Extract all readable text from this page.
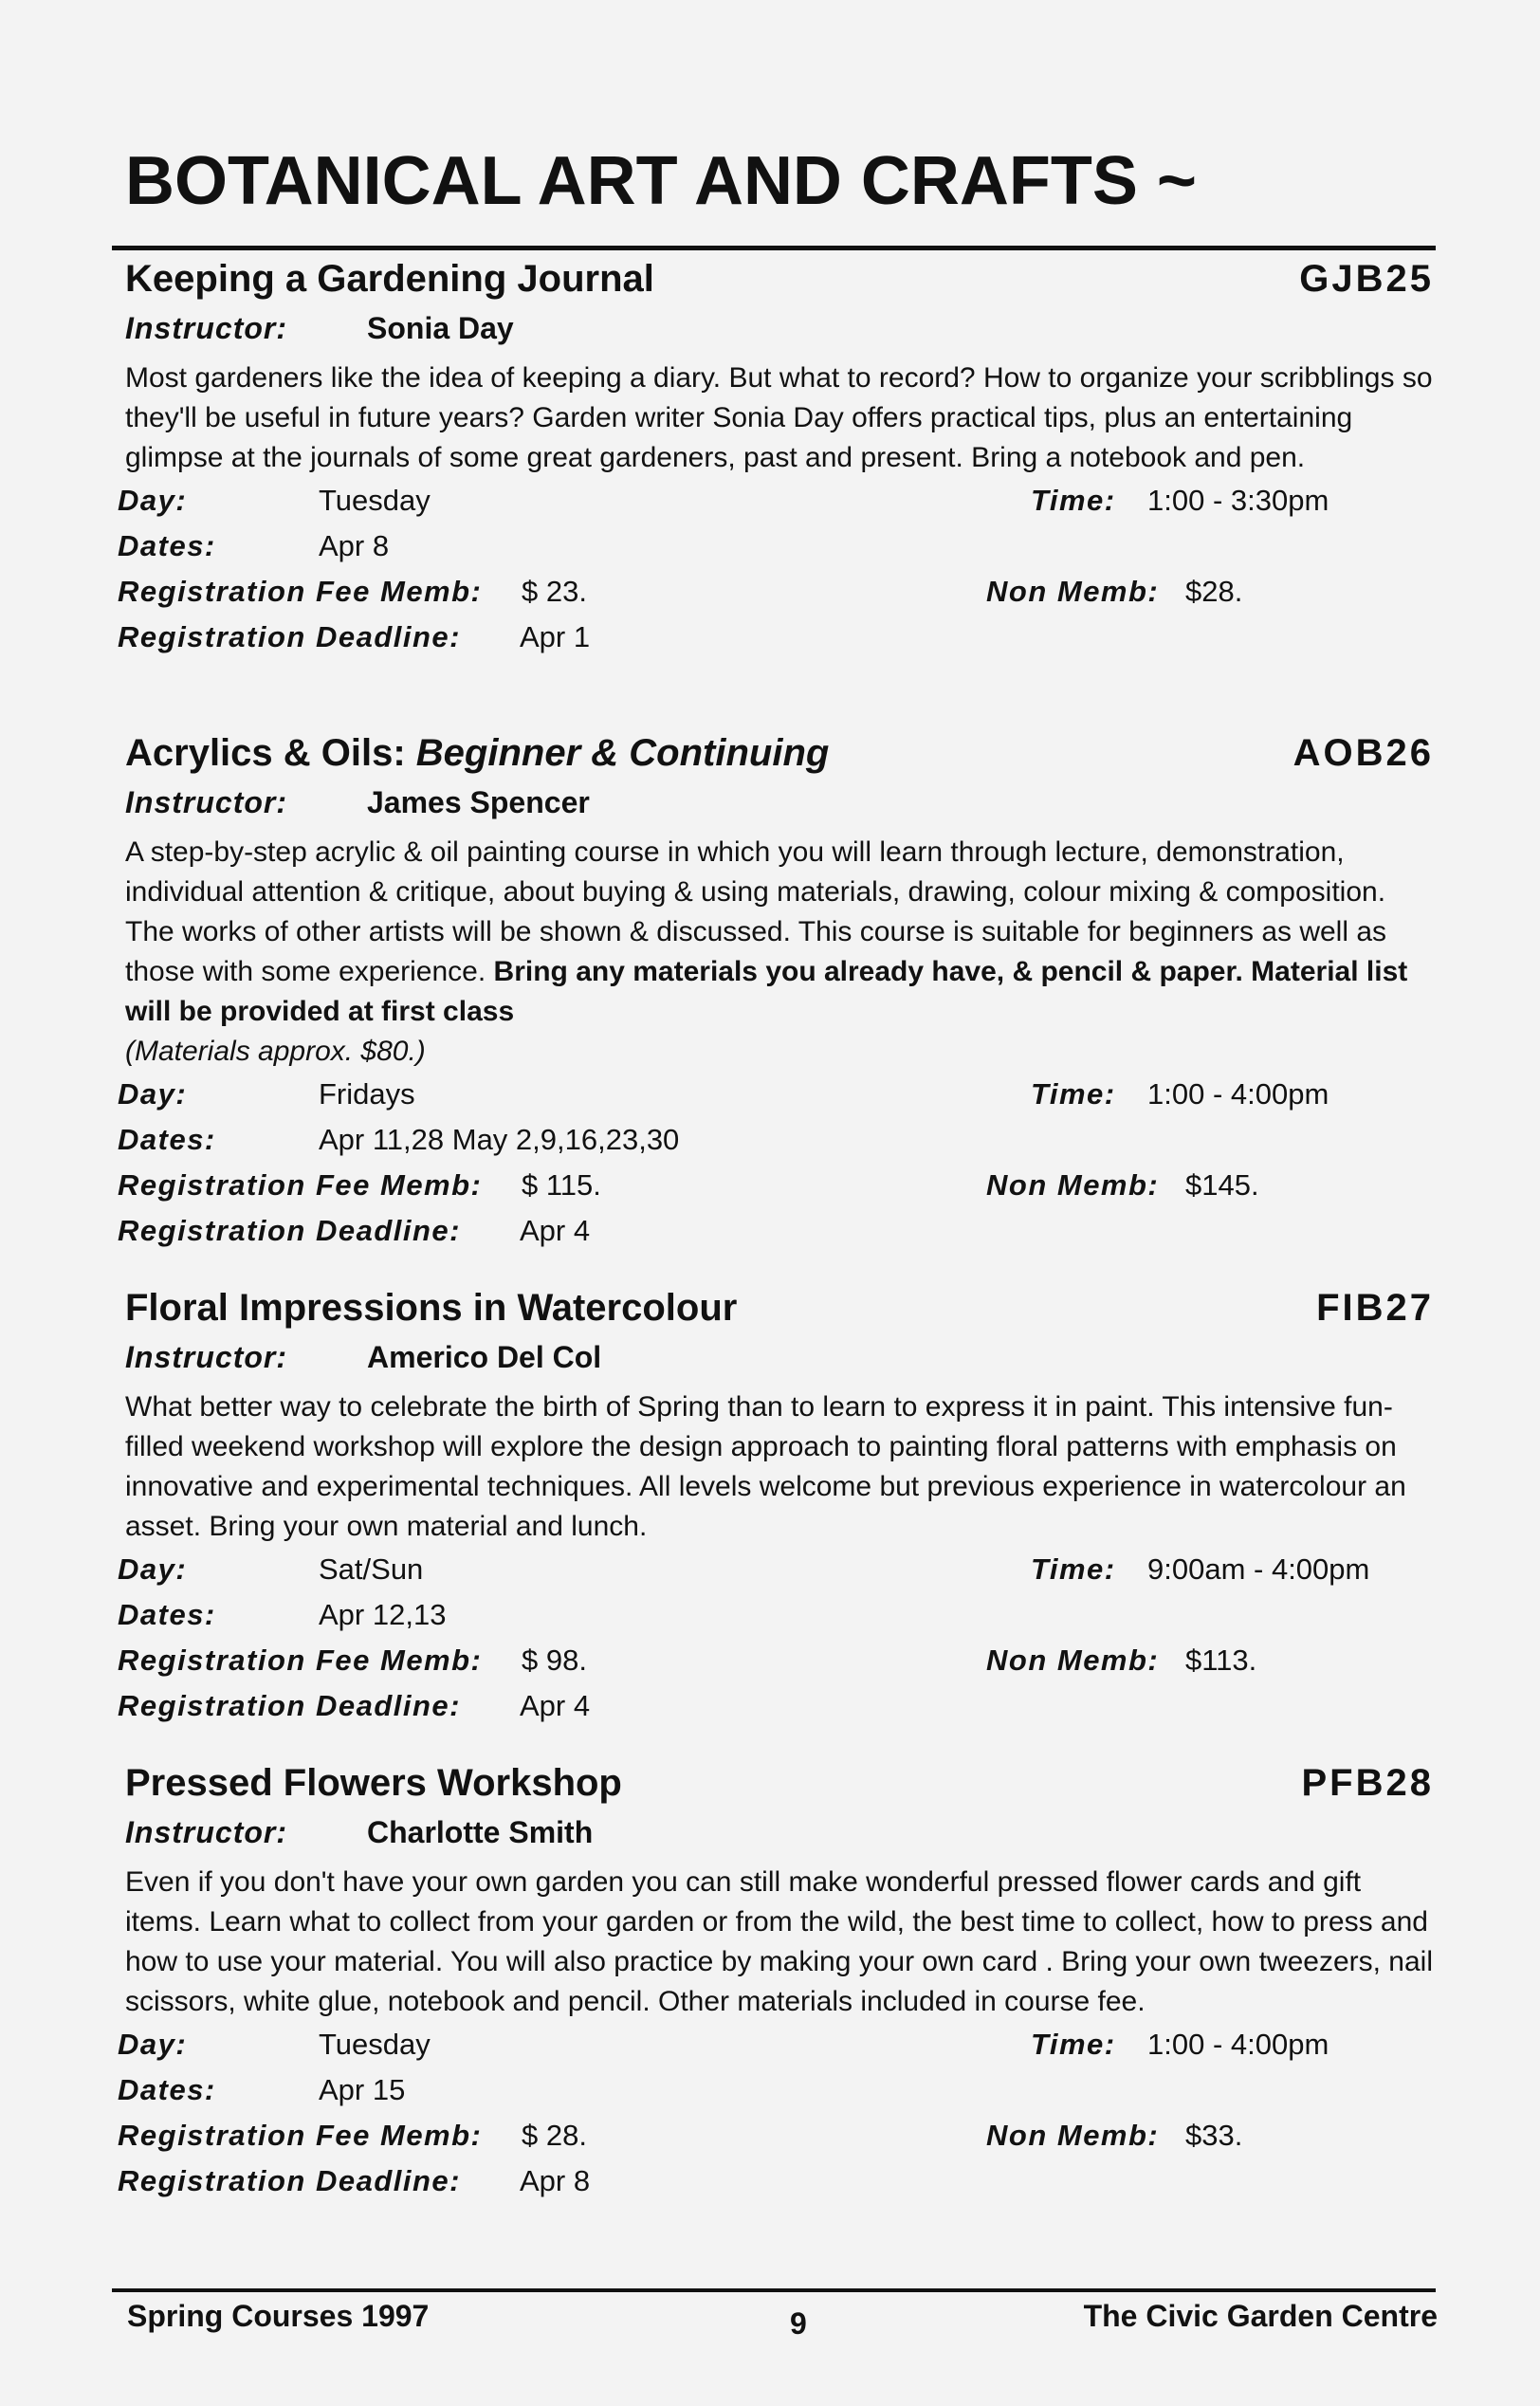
BOTANICAL ART AND CRAFTS ~
Keeping a Gardening Journal	GJB25
Instructor:	Sonia Day

Most gardeners like the idea of keeping a diary. But what to record? How to organize your scribblings so they'll be useful in future years? Garden writer Sonia Day offers practical tips, plus an entertaining glimpse at the journals of some great gardeners, past and present. Bring a notebook and pen.

Day:	Tuesday	Time: 1:00 - 3:30pm
Dates:	Apr 8
Registration Fee Memb: $ 23.	Non Memb: $28.
Registration Deadline: Apr 1
Acrylics & Oils: Beginner & Continuing	AOB26
Instructor:	James Spencer

A step-by-step acrylic & oil painting course in which you will learn through lecture, demonstration, individual attention & critique, about buying & using materials, drawing, colour mixing & composition. The works of other artists will be shown & discussed. This course is suitable for beginners as well as those with some experience. Bring any materials you already have, & pencil & paper. Material list will be provided at first class
(Materials approx. $80.)

Day:	Fridays	Time: 1:00 - 4:00pm
Dates:	Apr 11,28 May 2,9,16,23,30
Registration Fee Memb: $ 115.	Non Memb: $145.
Registration Deadline: Apr 4
Floral Impressions in Watercolour	FIB27
Instructor:	Americo Del Col

What better way to celebrate the birth of Spring than to learn to express it in paint. This intensive fun-filled weekend workshop will explore the design approach to painting floral patterns with emphasis on innovative and experimental techniques. All levels welcome but previous experience in watercolour an asset. Bring your own material and lunch.

Day:	Sat/Sun	Time: 9:00am - 4:00pm
Dates:	Apr 12,13
Registration Fee Memb: $ 98.	Non Memb: $113.
Registration Deadline: Apr 4
Pressed Flowers Workshop	PFB28
Instructor:	Charlotte Smith

Even if you don't have your own garden you can still make wonderful pressed flower cards and gift items. Learn what to collect from your garden or from the wild, the best time to collect, how to press and how to use your material. You will also practice by making your own card . Bring your own tweezers, nail scissors, white glue, notebook and pencil. Other materials included in course fee.

Day:	Tuesday	Time: 1:00 - 4:00pm
Dates:	Apr 15
Registration Fee Memb: $ 28.	Non Memb: $33.
Registration Deadline: Apr 8
Spring Courses 1997	9	The Civic Garden Centre
